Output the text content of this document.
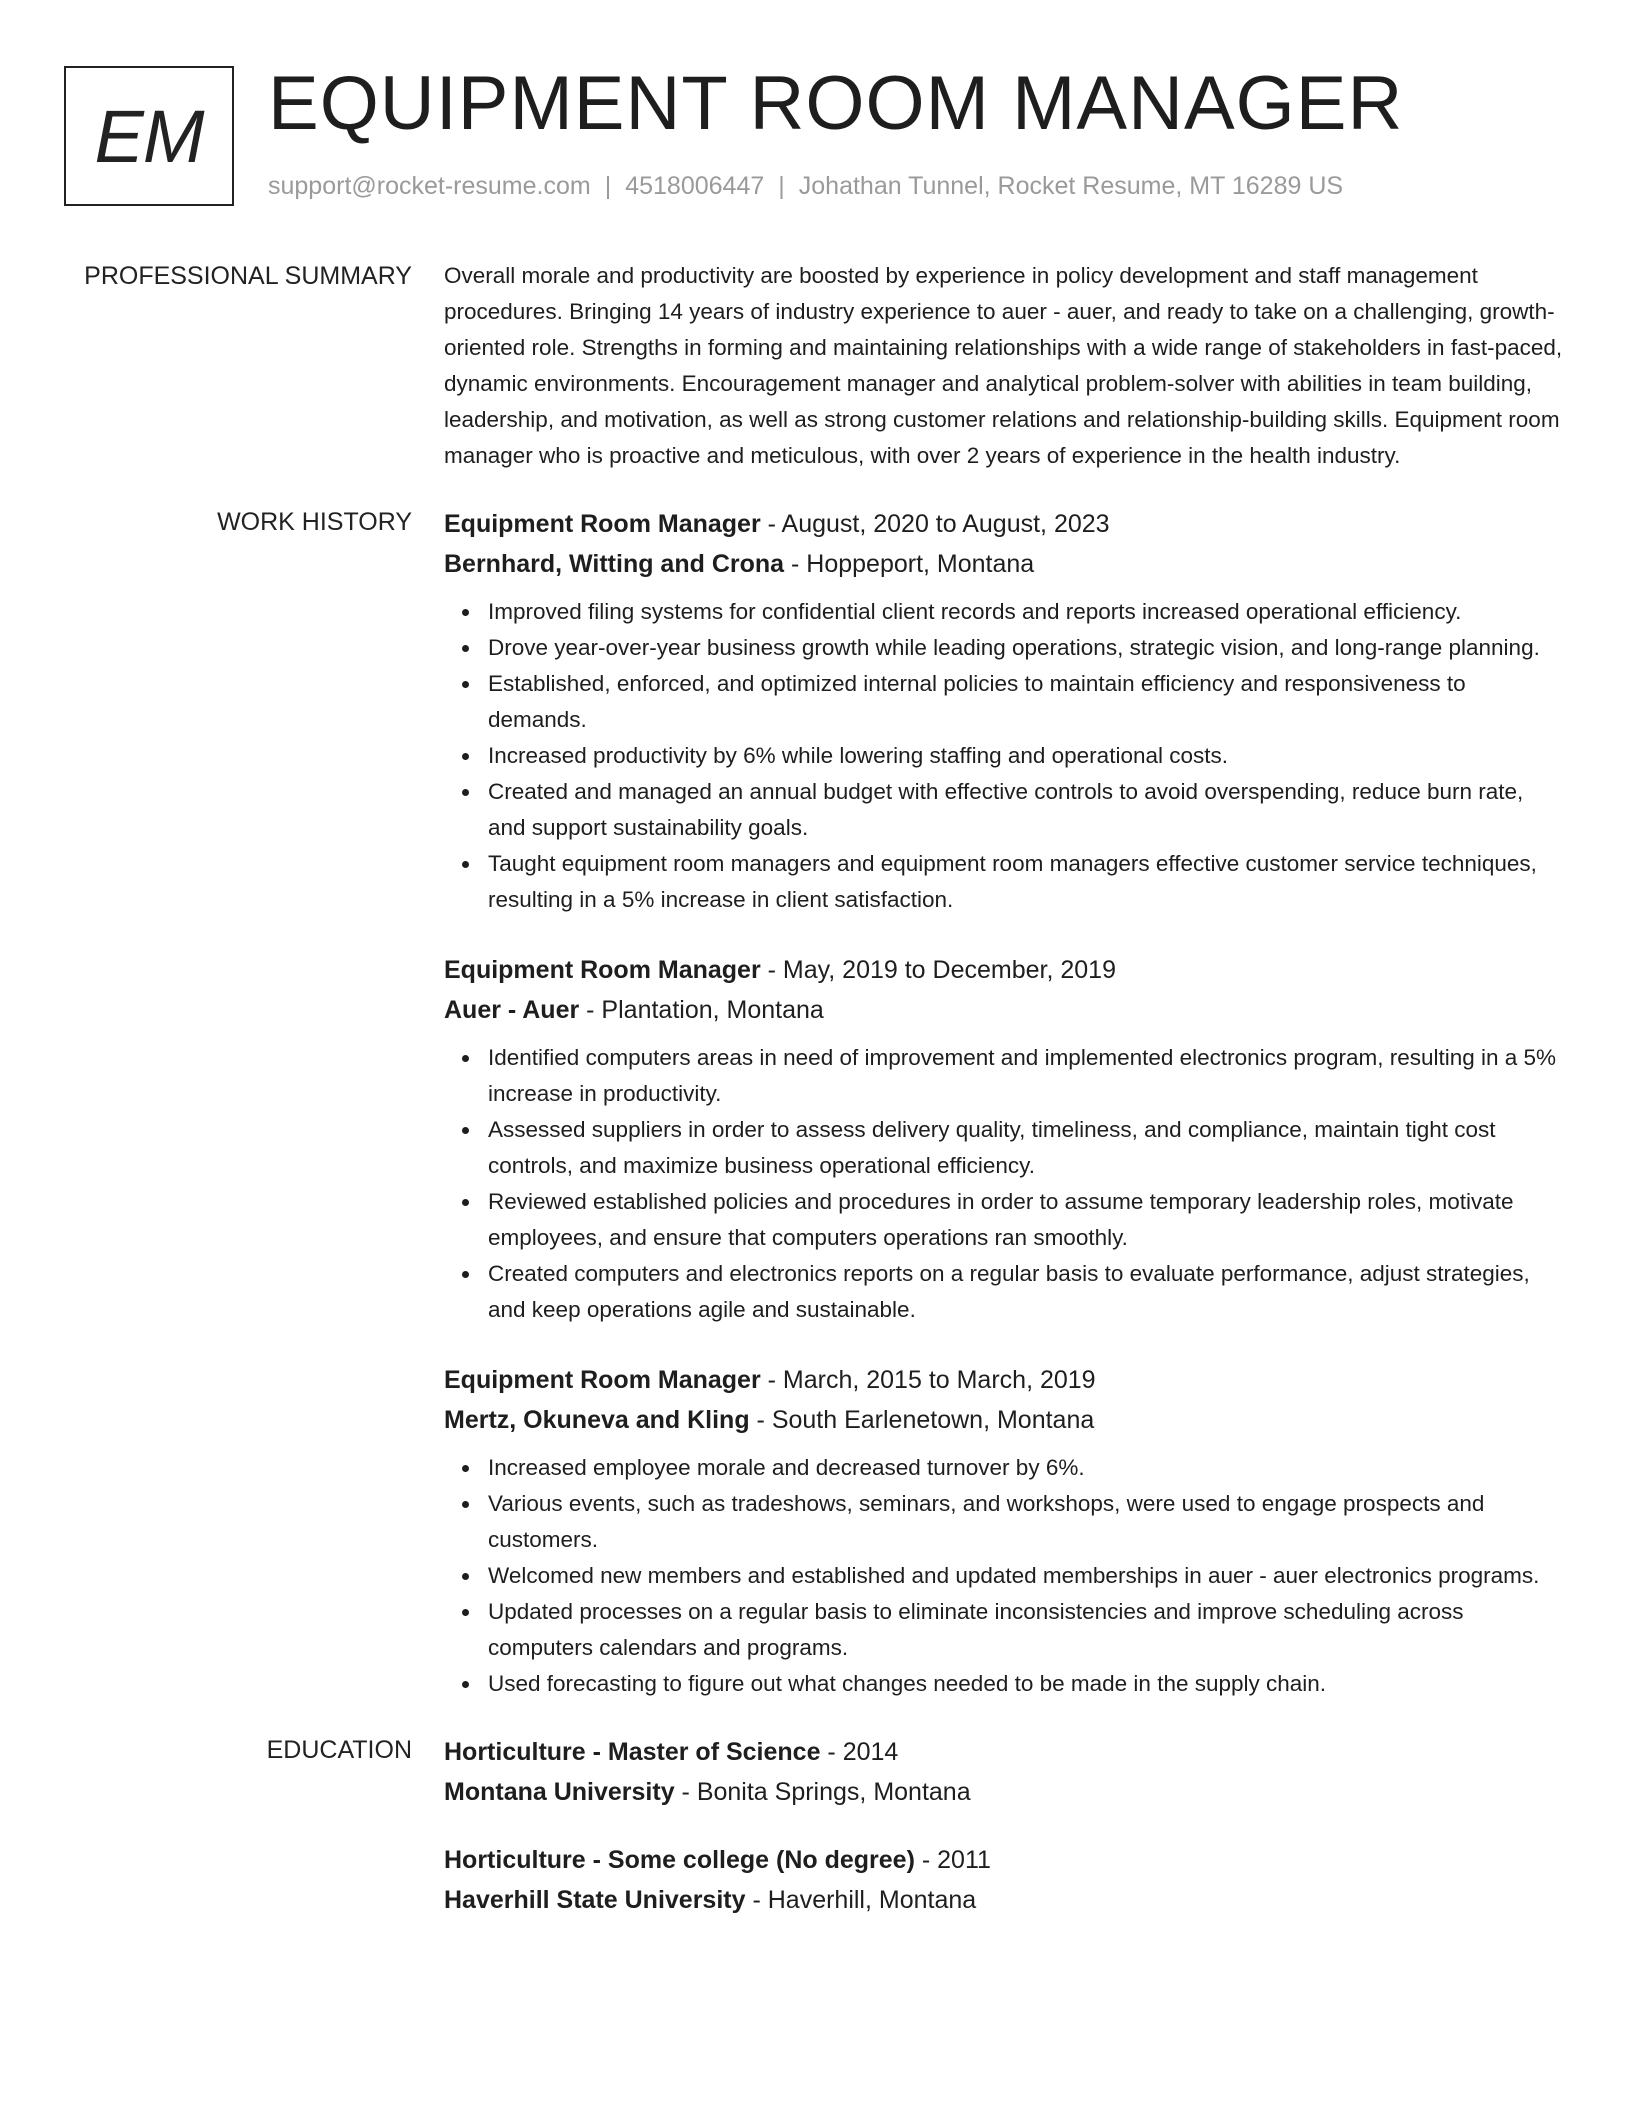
EM EQUIPMENT ROOM MANAGER
support@rocket-resume.com | 4518006447 | Johathan Tunnel, Rocket Resume, MT 16289 US
PROFESSIONAL SUMMARY Overall morale and productivity are boosted by experience in policy development and staff management procedures. Bringing 14 years of industry experience to auer - auer, and ready to take on a challenging, growth-oriented role. Strengths in forming and maintaining relationships with a wide range of stakeholders in fast-paced, dynamic environments. Encouragement manager and analytical problem-solver with abilities in team building, leadership, and motivation, as well as strong customer relations and relationship-building skills. Equipment room manager who is proactive and meticulous, with over 2 years of experience in the health industry.

WORK HISTORY Equipment Room Manager - August, 2020 to August, 2023
Bernhard, Witting and Crona - Hoppeport, Montana
Improved filing systems for confidential client records and reports increased operational efficiency.
Drove year-over-year business growth while leading operations, strategic vision, and long-range planning.
Established, enforced, and optimized internal policies to maintain efficiency and responsiveness to demands.
Increased productivity by 6% while lowering staffing and operational costs.
Created and managed an annual budget with effective controls to avoid overspending, reduce burn rate, and support sustainability goals.
Taught equipment room managers and equipment room managers effective customer service techniques, resulting in a 5% increase in client satisfaction.
Equipment Room Manager - May, 2019 to December, 2019
Auer - Auer - Plantation, Montana
Identified computers areas in need of improvement and implemented electronics program, resulting in a 5% increase in productivity.
Assessed suppliers in order to assess delivery quality, timeliness, and compliance, maintain tight cost controls, and maximize business operational efficiency.
Reviewed established policies and procedures in order to assume temporary leadership roles, motivate employees, and ensure that computers operations ran smoothly.
Created computers and electronics reports on a regular basis to evaluate performance, adjust strategies, and keep operations agile and sustainable.
Equipment Room Manager - March, 2015 to March, 2019
Mertz, Okuneva and Kling - South Earlenetown, Montana
Increased employee morale and decreased turnover by 6%.
Various events, such as tradeshows, seminars, and workshops, were used to engage prospects and customers.
Welcomed new members and established and updated memberships in auer - auer electronics programs.
Updated processes on a regular basis to eliminate inconsistencies and improve scheduling across computers calendars and programs.
Used forecasting to figure out what changes needed to be made in the supply chain.
EDUCATION Horticulture - Master of Science - 2014
Montana University - Bonita Springs, Montana
Horticulture - Some college (No degree) - 2011
Haverhill State University - Haverhill, Montana
